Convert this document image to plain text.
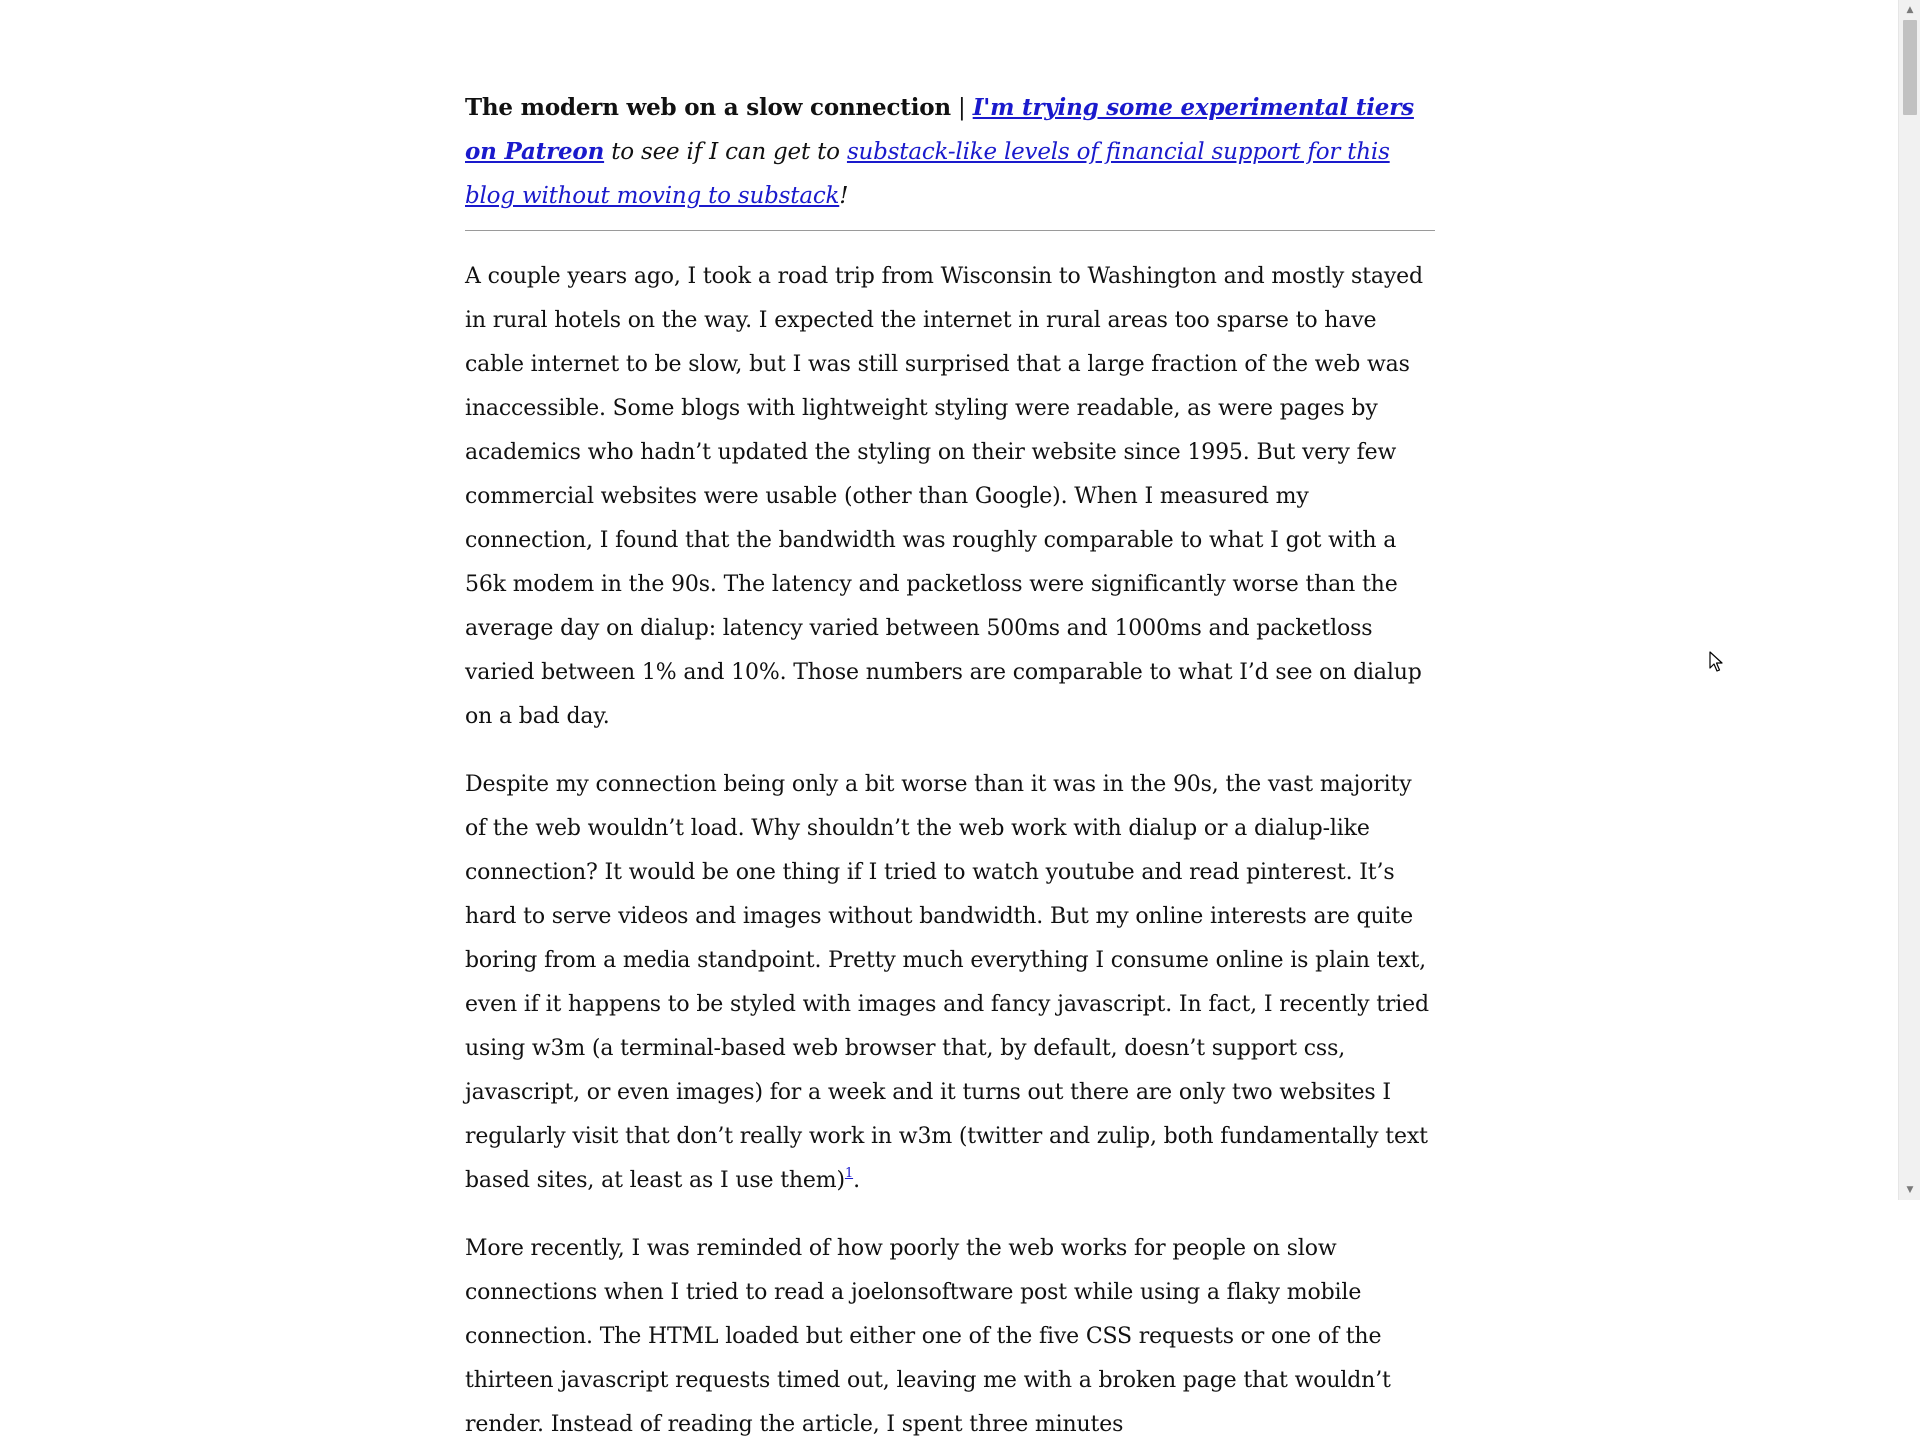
The modern web on a slow connection | I'm trying some experimental tiers on Patreon to see if I can get to substack-like levels of financial support for this blog without moving to substack!

A couple years ago, I took a road trip from Wisconsin to Washington and mostly stayed in rural hotels on the way. I expected the internet in rural areas too sparse to have cable internet to be slow, but I was still surprised that a large fraction of the web was inaccessible. Some blogs with lightweight styling were readable, as were pages by academics who hadn’t updated the styling on their website since 1995. But very few commercial websites were usable (other than Google). When I measured my connection, I found that the bandwidth was roughly comparable to what I got with a 56k modem in the 90s. The latency and packetloss were significantly worse than the average day on dialup: latency varied between 500ms and 1000ms and packetloss varied between 1% and 10%. Those numbers are comparable to what I’d see on dialup on a bad day.

Despite my connection being only a bit worse than it was in the 90s, the vast majority of the web wouldn’t load. Why shouldn’t the web work with dialup or a dialup-like connection? It would be one thing if I tried to watch youtube and read pinterest. It’s hard to serve videos and images without bandwidth. But my online interests are quite boring from a media standpoint. Pretty much everything I consume online is plain text, even if it happens to be styled with images and fancy javascript. In fact, I recently tried using w3m (a terminal-based web browser that, by default, doesn’t support css, javascript, or even images) for a week and it turns out there are only two websites I regularly visit that don’t really work in w3m (twitter and zulip, both fundamentally text based sites, at least as I use them)$^1$.

More recently, I was reminded of how poorly the web works for people on slow connections when I tried to read a joelonsoftware post while using a flaky mobile connection. The HTML loaded but either one of the five CSS requests or one of the thirteen javascript requests timed out, leaving me with a broken page that wouldn’t render. Instead of reading the article, I spent three minutes

▲
▼
